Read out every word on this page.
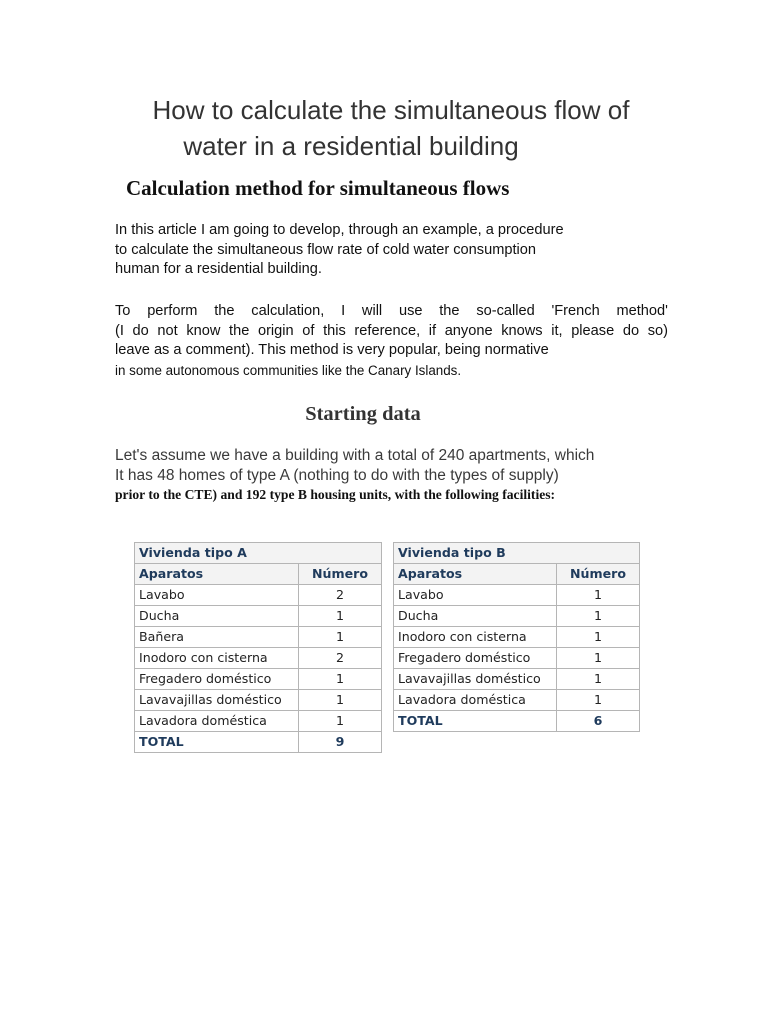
How to calculate the simultaneous flow of
water in a residential building
Calculation method for simultaneous flows
In this article I am going to develop, through an example, a procedure
to calculate the simultaneous flow rate of cold water consumption
human for a residential building.
To perform the calculation, I will use the so-called 'French method'
(I do not know the origin of this reference, if anyone knows it, please do so)
leave as a comment). This method is very popular, being normative
in some autonomous communities like the Canary Islands.
Starting data
Let's assume we have a building with a total of 240 apartments, which
It has 48 homes of type A (nothing to do with the types of supply)
prior to the CTE) and 192 type B housing units, with the following facilities:
Vivienda tipo A	
Aparatos	Número
Lavabo	2
Ducha	1
Bañera	1
Inodoro con cisterna	2
Fregadero doméstico	1
Lavavajillas doméstico	1
Lavadora doméstica	1
TOTAL	9
Vivienda tipo B	
Aparatos	Número
Lavabo	1
Ducha	1
Inodoro con cisterna	1
Fregadero doméstico	1
Lavavajillas doméstico	1
Lavadora doméstica	1
TOTAL	6
